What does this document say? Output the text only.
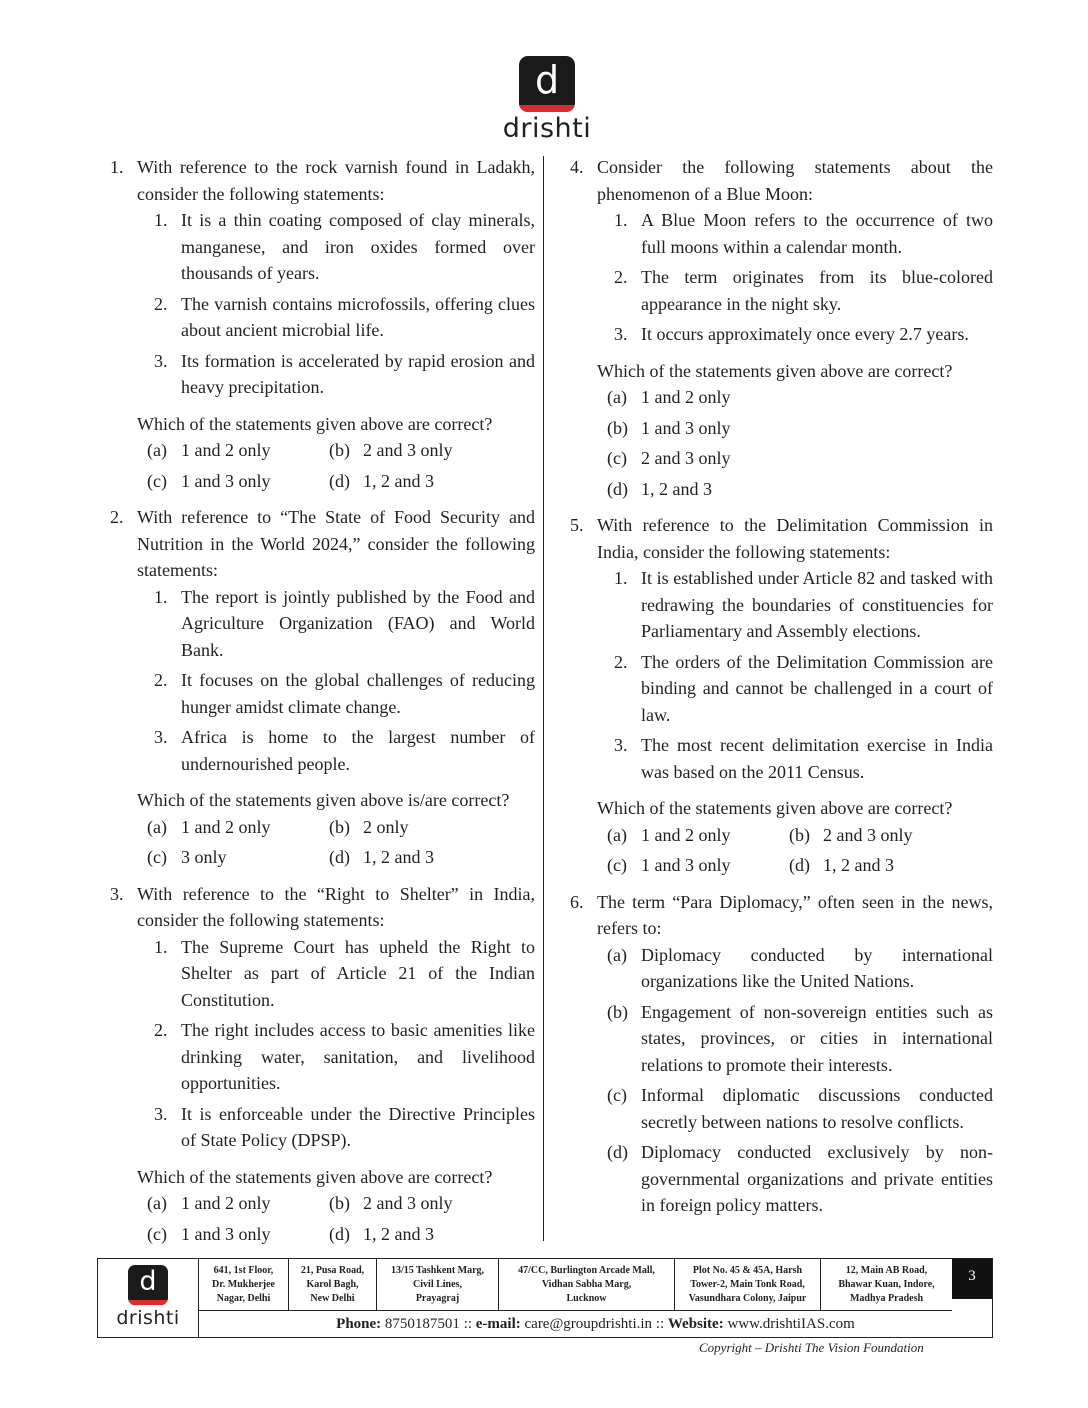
d
drishti
1. With reference to the rock varnish found in Ladakh, consider the following statements:
1. It is a thin coating composed of clay minerals, manganese, and iron oxides formed over thousands of years.
2. The varnish contains microfossils, offering clues about ancient microbial life.
3. Its formation is accelerated by rapid erosion and heavy precipitation.
Which of the statements given above are correct?
(a) 1 and 2 only	(b) 2 and 3 only
(c) 1 and 3 only	(d) 1, 2 and 3
2. With reference to “The State of Food Security and Nutrition in the World 2024,” consider the following statements:
1. The report is jointly published by the Food and Agriculture Organization (FAO) and World Bank.
2. It focuses on the global challenges of reducing hunger amidst climate change.
3. Africa is home to the largest number of undernourished people.
Which of the statements given above is/are correct?
(a) 1 and 2 only	(b) 2 only
(c) 3 only	(d) 1, 2 and 3
3. With reference to the “Right to Shelter” in India, consider the following statements:
1. The Supreme Court has upheld the Right to Shelter as part of Article 21 of the Indian Constitution.
2. The right includes access to basic amenities like drinking water, sanitation, and livelihood opportunities.
3. It is enforceable under the Directive Principles of State Policy (DPSP).
Which of the statements given above are correct?
(a) 1 and 2 only	(b) 2 and 3 only
(c) 1 and 3 only	(d) 1, 2 and 3
4. Consider the following statements about the phenomenon of a Blue Moon:
1. A Blue Moon refers to the occurrence of two full moons within a calendar month.
2. The term originates from its blue-colored appearance in the night sky.
3. It occurs approximately once every 2.7 years.
Which of the statements given above are correct?
(a) 1 and 2 only
(b) 1 and 3 only
(c) 2 and 3 only
(d) 1, 2 and 3
5. With reference to the Delimitation Commission in India, consider the following statements:
1. It is established under Article 82 and tasked with redrawing the boundaries of constituencies for Parliamentary and Assembly elections.
2. The orders of the Delimitation Commission are binding and cannot be challenged in a court of law.
3. The most recent delimitation exercise in India was based on the 2011 Census.
Which of the statements given above are correct?
(a) 1 and 2 only	(b) 2 and 3 only
(c) 1 and 3 only	(d) 1, 2 and 3
6. The term “Para Diplomacy,” often seen in the news, refers to:
(a) Diplomacy conducted by international organizations like the United Nations.
(b) Engagement of non-sovereign entities such as states, provinces, or cities in international relations to promote their interests.
(c) Informal diplomatic discussions conducted secretly between nations to resolve conflicts.
(d) Diplomacy conducted exclusively by non-governmental organizations and private entities in foreign policy matters.
d
drishti
641, 1st Floor,
Dr. Mukherjee
Nagar, Delhi
21, Pusa Road,
Karol Bagh,
New Delhi
13/15 Tashkent Marg,
Civil Lines,
Prayagraj
47/CC, Burlington Arcade Mall,
Vidhan Sabha Marg,
Lucknow
Plot No. 45 & 45A, Harsh
Tower-2, Main Tonk Road,
Vasundhara Colony, Jaipur
12, Main AB Road,
Bhawar Kuan, Indore,
Madhya Pradesh
3
Phone: 8750187501 :: e-mail: care@groupdrishti.in :: Website: www.drishtiIAS.com
Copyright – Drishti The Vision Foundation
